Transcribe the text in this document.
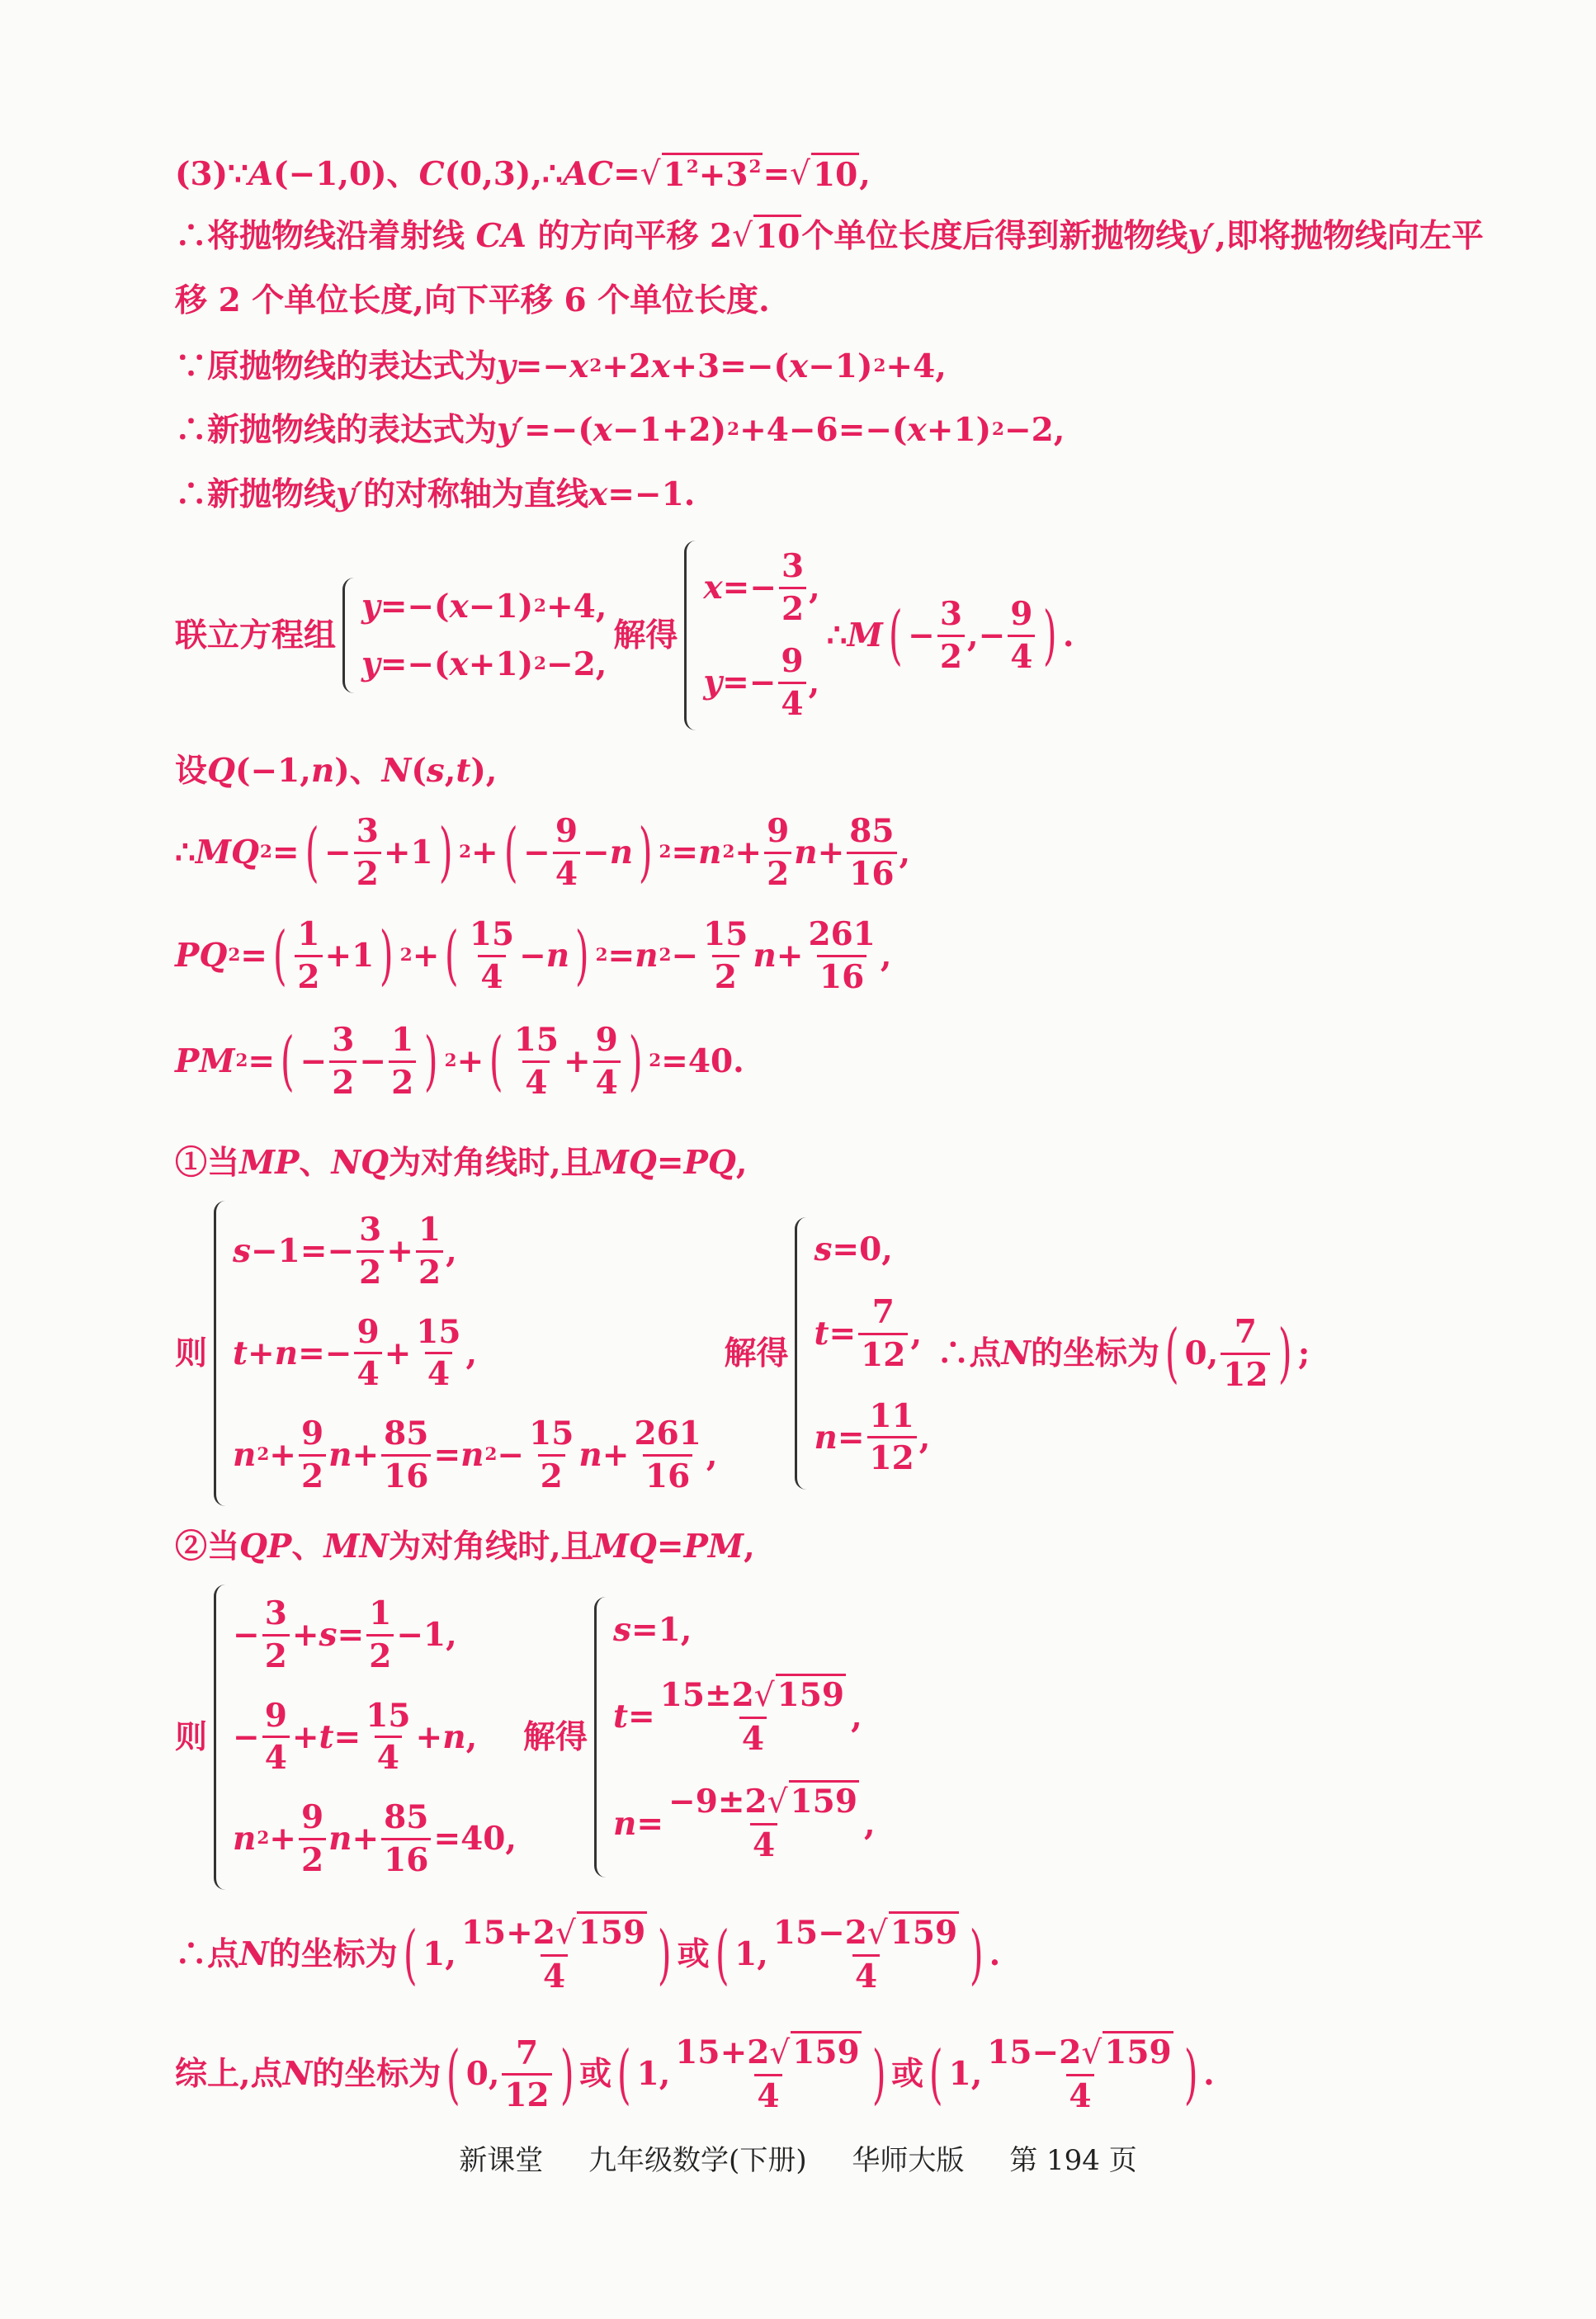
(3)∵ A (−1,0)、 C (0,3),∴ AC = √ $1^2+3^2$ = √ 10 ,
∴将抛物线沿着射线 CA 的方向平移 2 √ 10 个单位长度后得到新抛物线 y′ ,即将抛物线向左平
移 2 个单位长度,向下平移 6 个单位长度.
∵原抛物线的表达式为 y =− x 2 +2 x +3=−( x −1) 2 +4,
∴新抛物线的表达式为 y′ =−( x −1+2) 2 +4−6=−( x +1) 2 −2,
∴新抛物线 y′ 的对称轴为直线 x =−1.
联立方程组
y =−( x −1) 2 +4,
y =−( x +1) 2 −2,
解得
x =−
3
2
,
y =−
9
4
,
∴ M ( −
3
2
,−
9
4 ) .
设 Q (−1, n )、 N ( s , t ),
∴ MQ 2 = ( −
3
2
+1 ) 2 + ( −
9
4
− n ) 2 = n 2 +
9
2
n +
85
16
,
PQ 2 = ( 1
2
+1 ) 2 + ( 15
4
− n ) 2 = n 2 −
15
2
n +
261
16
,
PM 2 = ( −
3
2
−
1
2 ) 2 + ( 15
4
+
9
4 ) 2 =40.
①当 MP 、 NQ 为对角线时,且 MQ = PQ ,
则
s −1=−
3
2
+
1
2
,
t + n =−
9
4
+
15
4
,
n 2 +
9
2
n +
85
16
= n 2 −
15
2
n +
261
16
,
解得
s =0,
t =
7
12
,
n =
11
12
,
∴点 N 的坐标为 ( 0,
7
12 ) ;
②当 QP 、 MN 为对角线时,且 MQ = PM ,
则
−
3
2
+ s =
1
2
−1,
−
9
4
+ t =
15
4
+ n ,
n 2 +
9
2
n +
85
16
=40,
解得
s =1,
t =
15±2√159
4
,
n =
−9±2√159
4
,
∴点 N 的坐标为 ( 1,
15+2√159
4 ) 或 ( 1,
15−2√159
4 ) .
综上,点 N 的坐标为 ( 0,
7
12 ) 或 ( 1,
15+2√159
4 ) 或 ( 1,
15−2√159
4 ) .
新课堂 九年级数学(下册) 华师大版 第 194 页
